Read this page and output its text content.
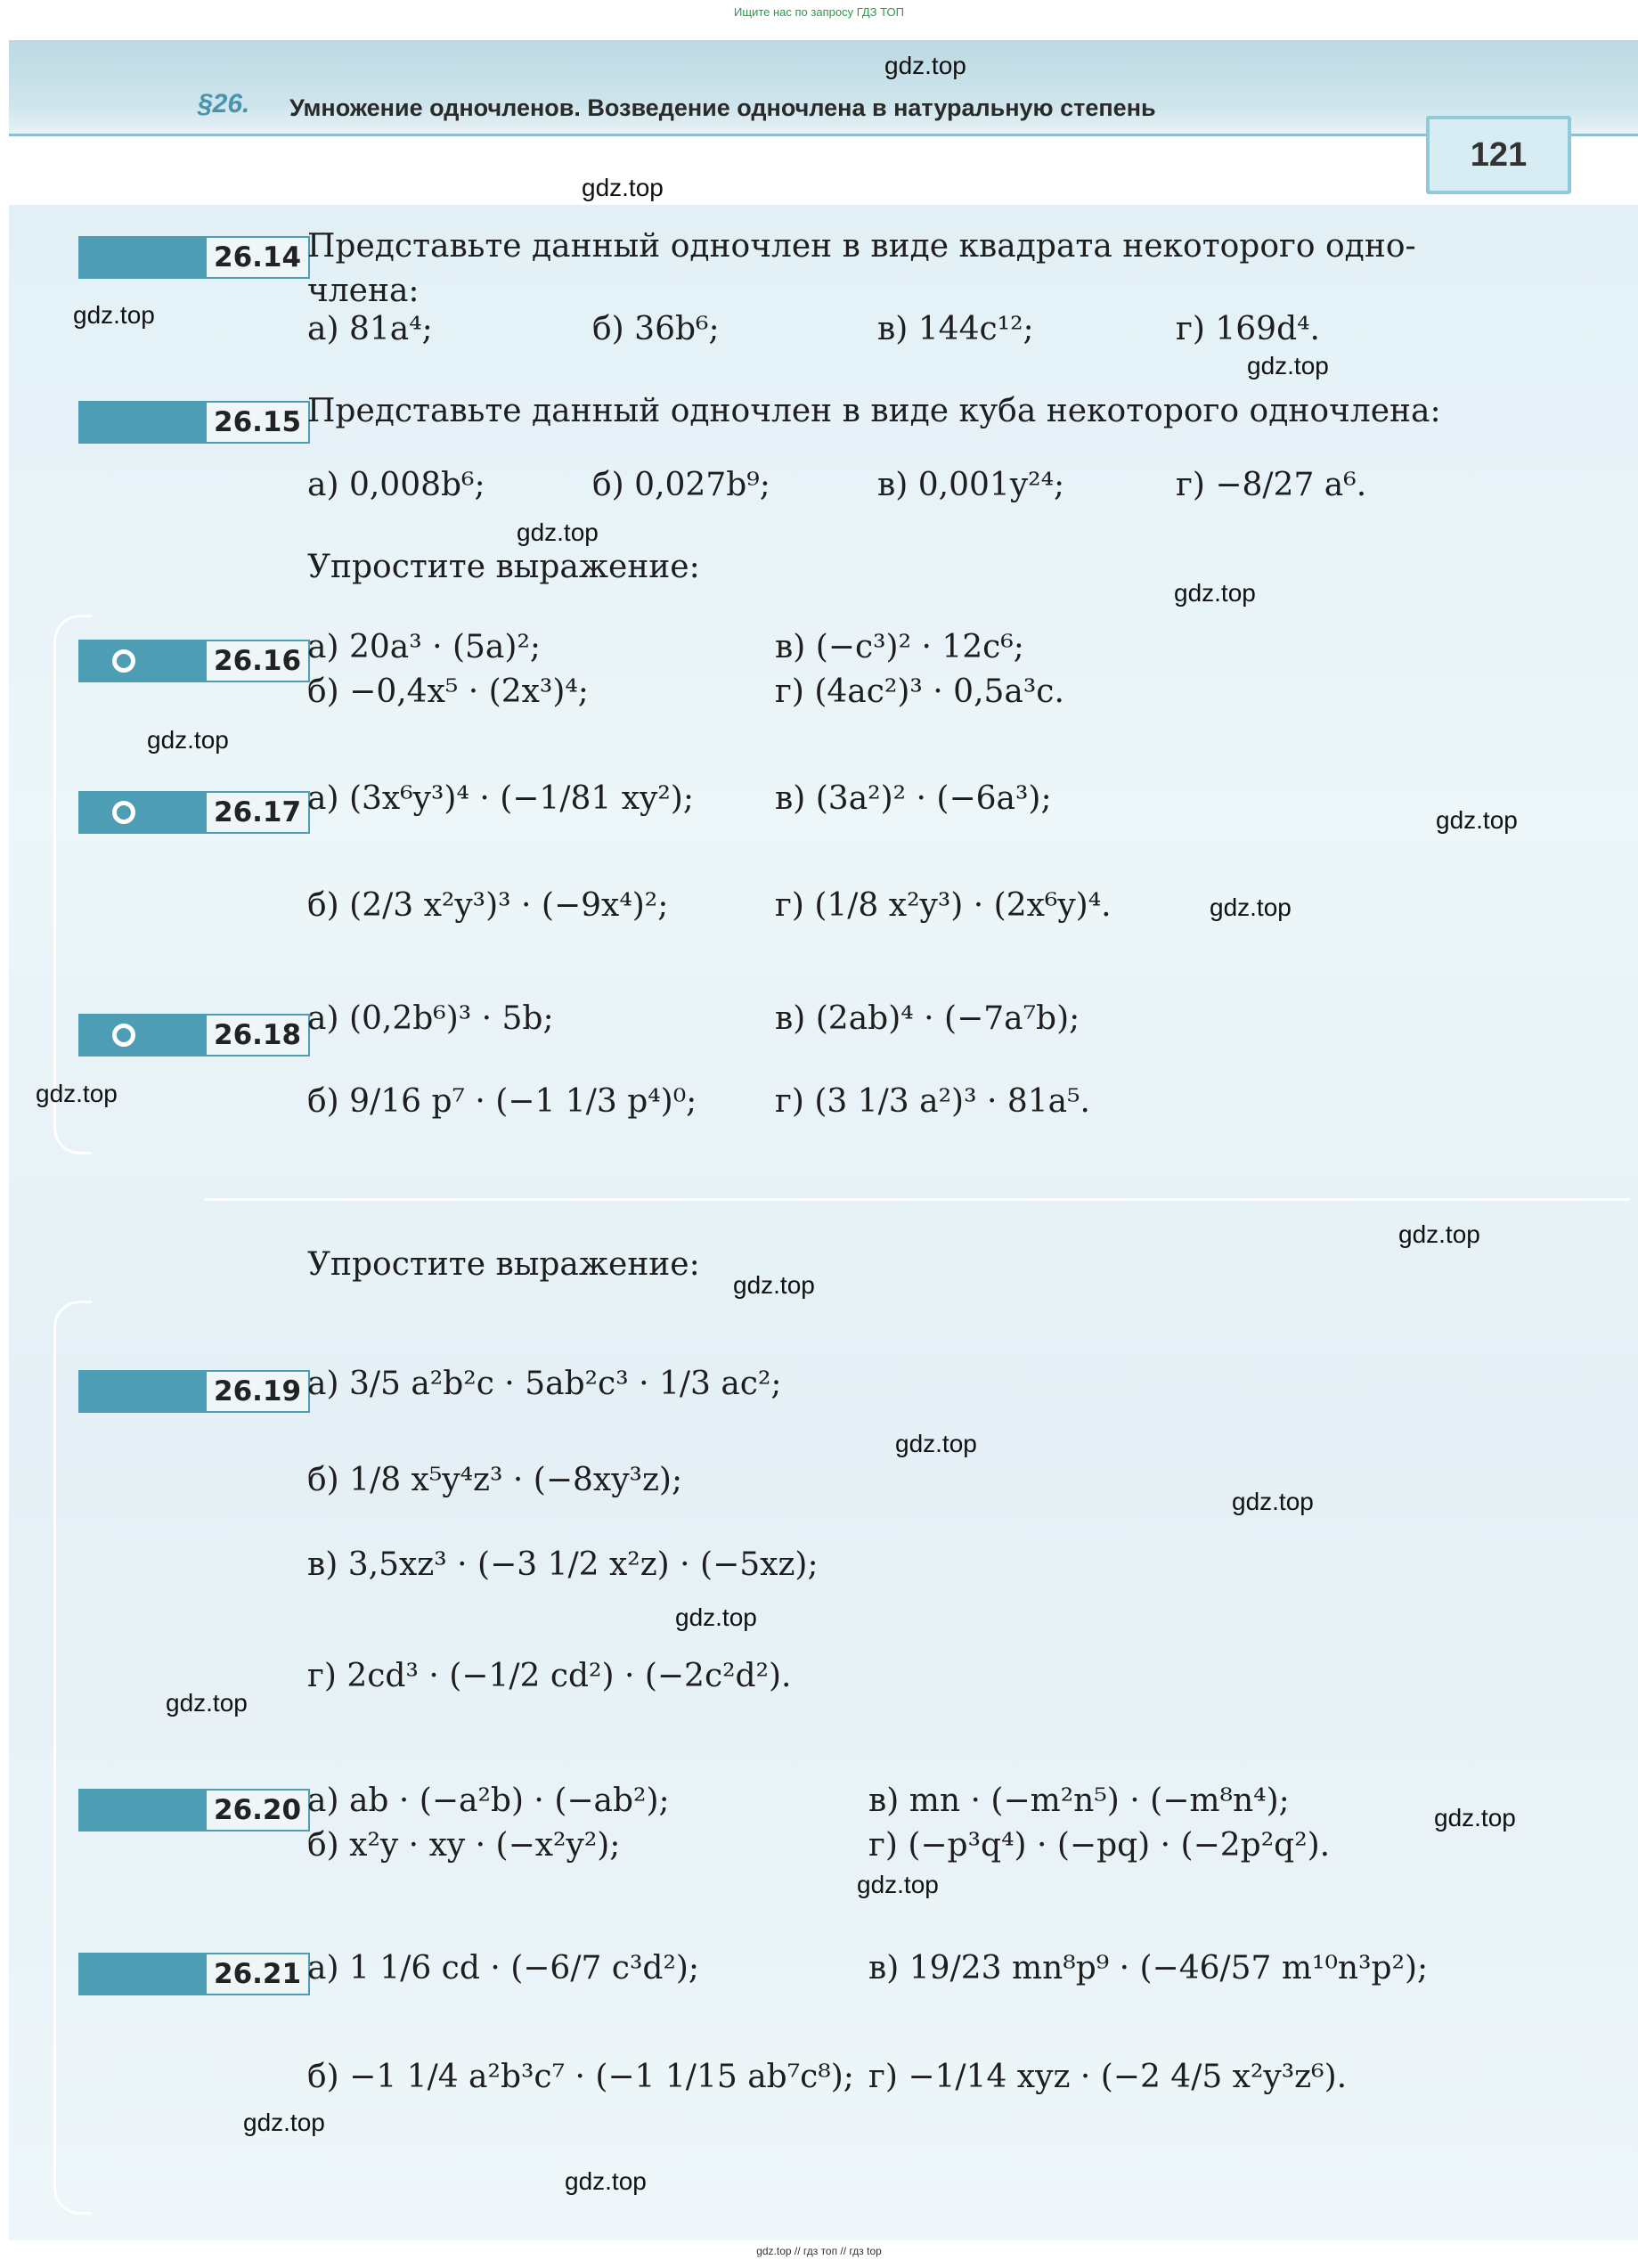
Ищите нас по запросу ГДЗ ТОП
§26. Умножение одночленов. Возведение одночлена в натуральную степень
121
26.14 Представьте данный одночлен в виде квадрата некоторого одно-
члена:
а) 81a⁴;	б) 36b⁶;	в) 144c¹²;	г) 169d⁴.
26.15 Представьте данный одночлен в виде куба некоторого одночлена:
а) 0,008b⁶;	б) 0,027b⁹;	в) 0,001y²⁴;	г) −8/27 a⁶.
Упростите выражение:
26.16 а) 20a³ · (5a)²;	в) (−c³)² · 12c⁶;
б) −0,4x⁵ · (2x³)⁴;	г) (4ac²)³ · 0,5a³c.
26.17 а) (3x⁶y³)⁴ · (−1/81 xy²);	в) (3a²)² · (−6a³);
б) (2/3 x²y³)³ · (−9x⁴)²;	г) (1/8 x²y³) · (2x⁶y)⁴.
26.18 а) (0,2b⁶)³ · 5b;	в) (2ab)⁴ · (−7a⁷b);
б) 9/16 p⁷ · (−1 1/3 p⁴)⁰; г) (3 1/3 a²)³ · 81a⁵.
Упростите выражение:
26.19 а) 3/5 a²b²c · 5ab²c³ · 1/3 ac²;
б) 1/8 x⁵y⁴z³ · (−8xy³z);
в) 3,5xz³ · (−3 1/2 x²z) · (−5xz);
г) 2cd³ · (−1/2 cd²) · (−2c²d²).
26.20 а) ab · (−a²b) · (−ab²);	в) mn · (−m²n⁵) · (−m⁸n⁴);
б) x²y · xy · (−x²y²);	г) (−p³q⁴) · (−pq) · (−2p²q²).
26.21 а) 1 1/6 cd · (−6/7 c³d²);	в) 19/23 mn⁸p⁹ · (−46/57 m¹⁰n³p²);
б) −1 1/4 a²b³c⁷ · (−1 1/15 ab⁷c⁸); г) −1/14 xyz · (−2 4/5 x²y³z⁶).
gdz.top
gdz.top
gdz.top
gdz.top
gdz.top
gdz.top
gdz.top
gdz.top
gdz.top
gdz.top
gdz.top
gdz.top
gdz.top
gdz.top
gdz.top
gdz.top
gdz.top
gdz.top
gdz.top
gdz.top
gdz.top // гдз топ // гдз top
